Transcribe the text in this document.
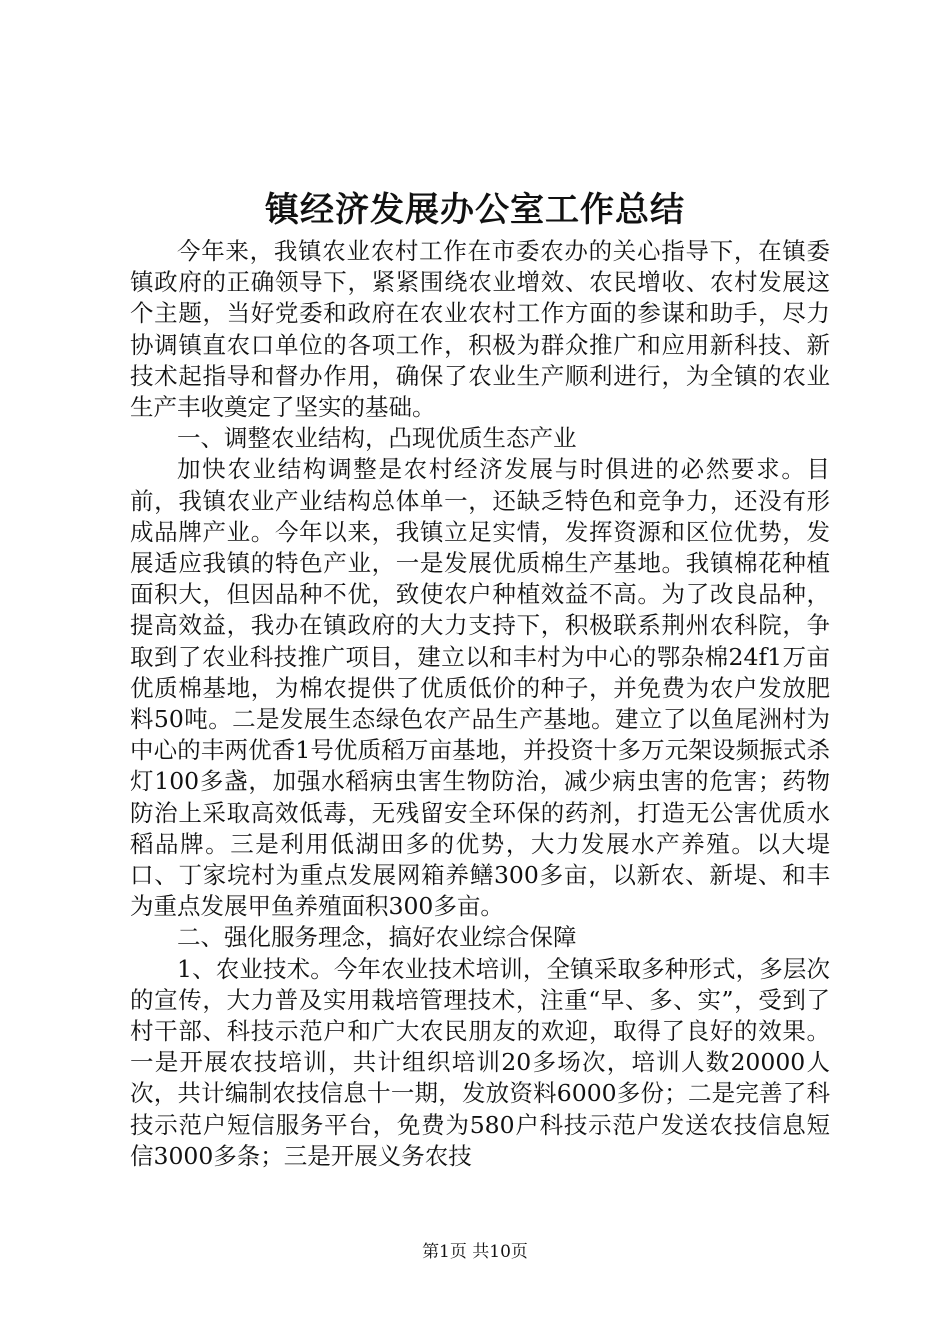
镇经济发展办公室工作总结

今年来，我镇农业农村工作在市委农办的关心指导下，在镇委镇政府的正确领导下，紧紧围绕农业增效、农民增收、农村发展这个主题，当好党委和政府在农业农村工作方面的参谋和助手，尽力协调镇直农口单位的各项工作，积极为群众推广和应用新科技、新技术起指导和督办作用，确保了农业生产顺利进行，为全镇的农业生产丰收奠定了坚实的基础。

一、调整农业结构，凸现优质生态产业

加快农业结构调整是农村经济发展与时俱进的必然要求。目前，我镇农业产业结构总体单一，还缺乏特色和竞争力，还没有形成品牌产业。今年以来，我镇立足实情，发挥资源和区位优势，发展适应我镇的特色产业，一是发展优质棉生产基地。我镇棉花种植面积大，但因品种不优，致使农户种植效益不高。为了改良品种，提高效益，我办在镇政府的大力支持下，积极联系荆州农科院，争取到了农业科技推广项目，建立以和丰村为中心的鄂杂棉24f1万亩优质棉基地，为棉农提供了优质低价的种子，并免费为农户发放肥料50吨。二是发展生态绿色农产品生产基地。建立了以鱼尾洲村为中心的丰两优香1号优质稻万亩基地，并投资十多万元架设频振式杀灯100多盏，加强水稻病虫害生物防治，减少病虫害的危害；药物防治上采取高效低毒，无残留安全环保的药剂，打造无公害优质水稻品牌。三是利用低湖田多的优势，大力发展水产养殖。以大堤口、丁家垸村为重点发展网箱养鳝300多亩，以新农、新堤、和丰为重点发展甲鱼养殖面积300多亩。

二、强化服务理念，搞好农业综合保障

1、农业技术。今年农业技术培训，全镇采取多种形式，多层次的宣传，大力普及实用栽培管理技术，注重“早、多、实”，受到了村干部、科技示范户和广大农民朋友的欢迎，取得了良好的效果。一是开展农技培训，共计组织培训20多场次，培训人数20000人次，共计编制农技信息十一期，发放资料6000多份；二是完善了科技示范户短信服务平台，免费为580户科技示范户发送农技信息短信3000多条；三是开展义务农技

第1页 共10页
